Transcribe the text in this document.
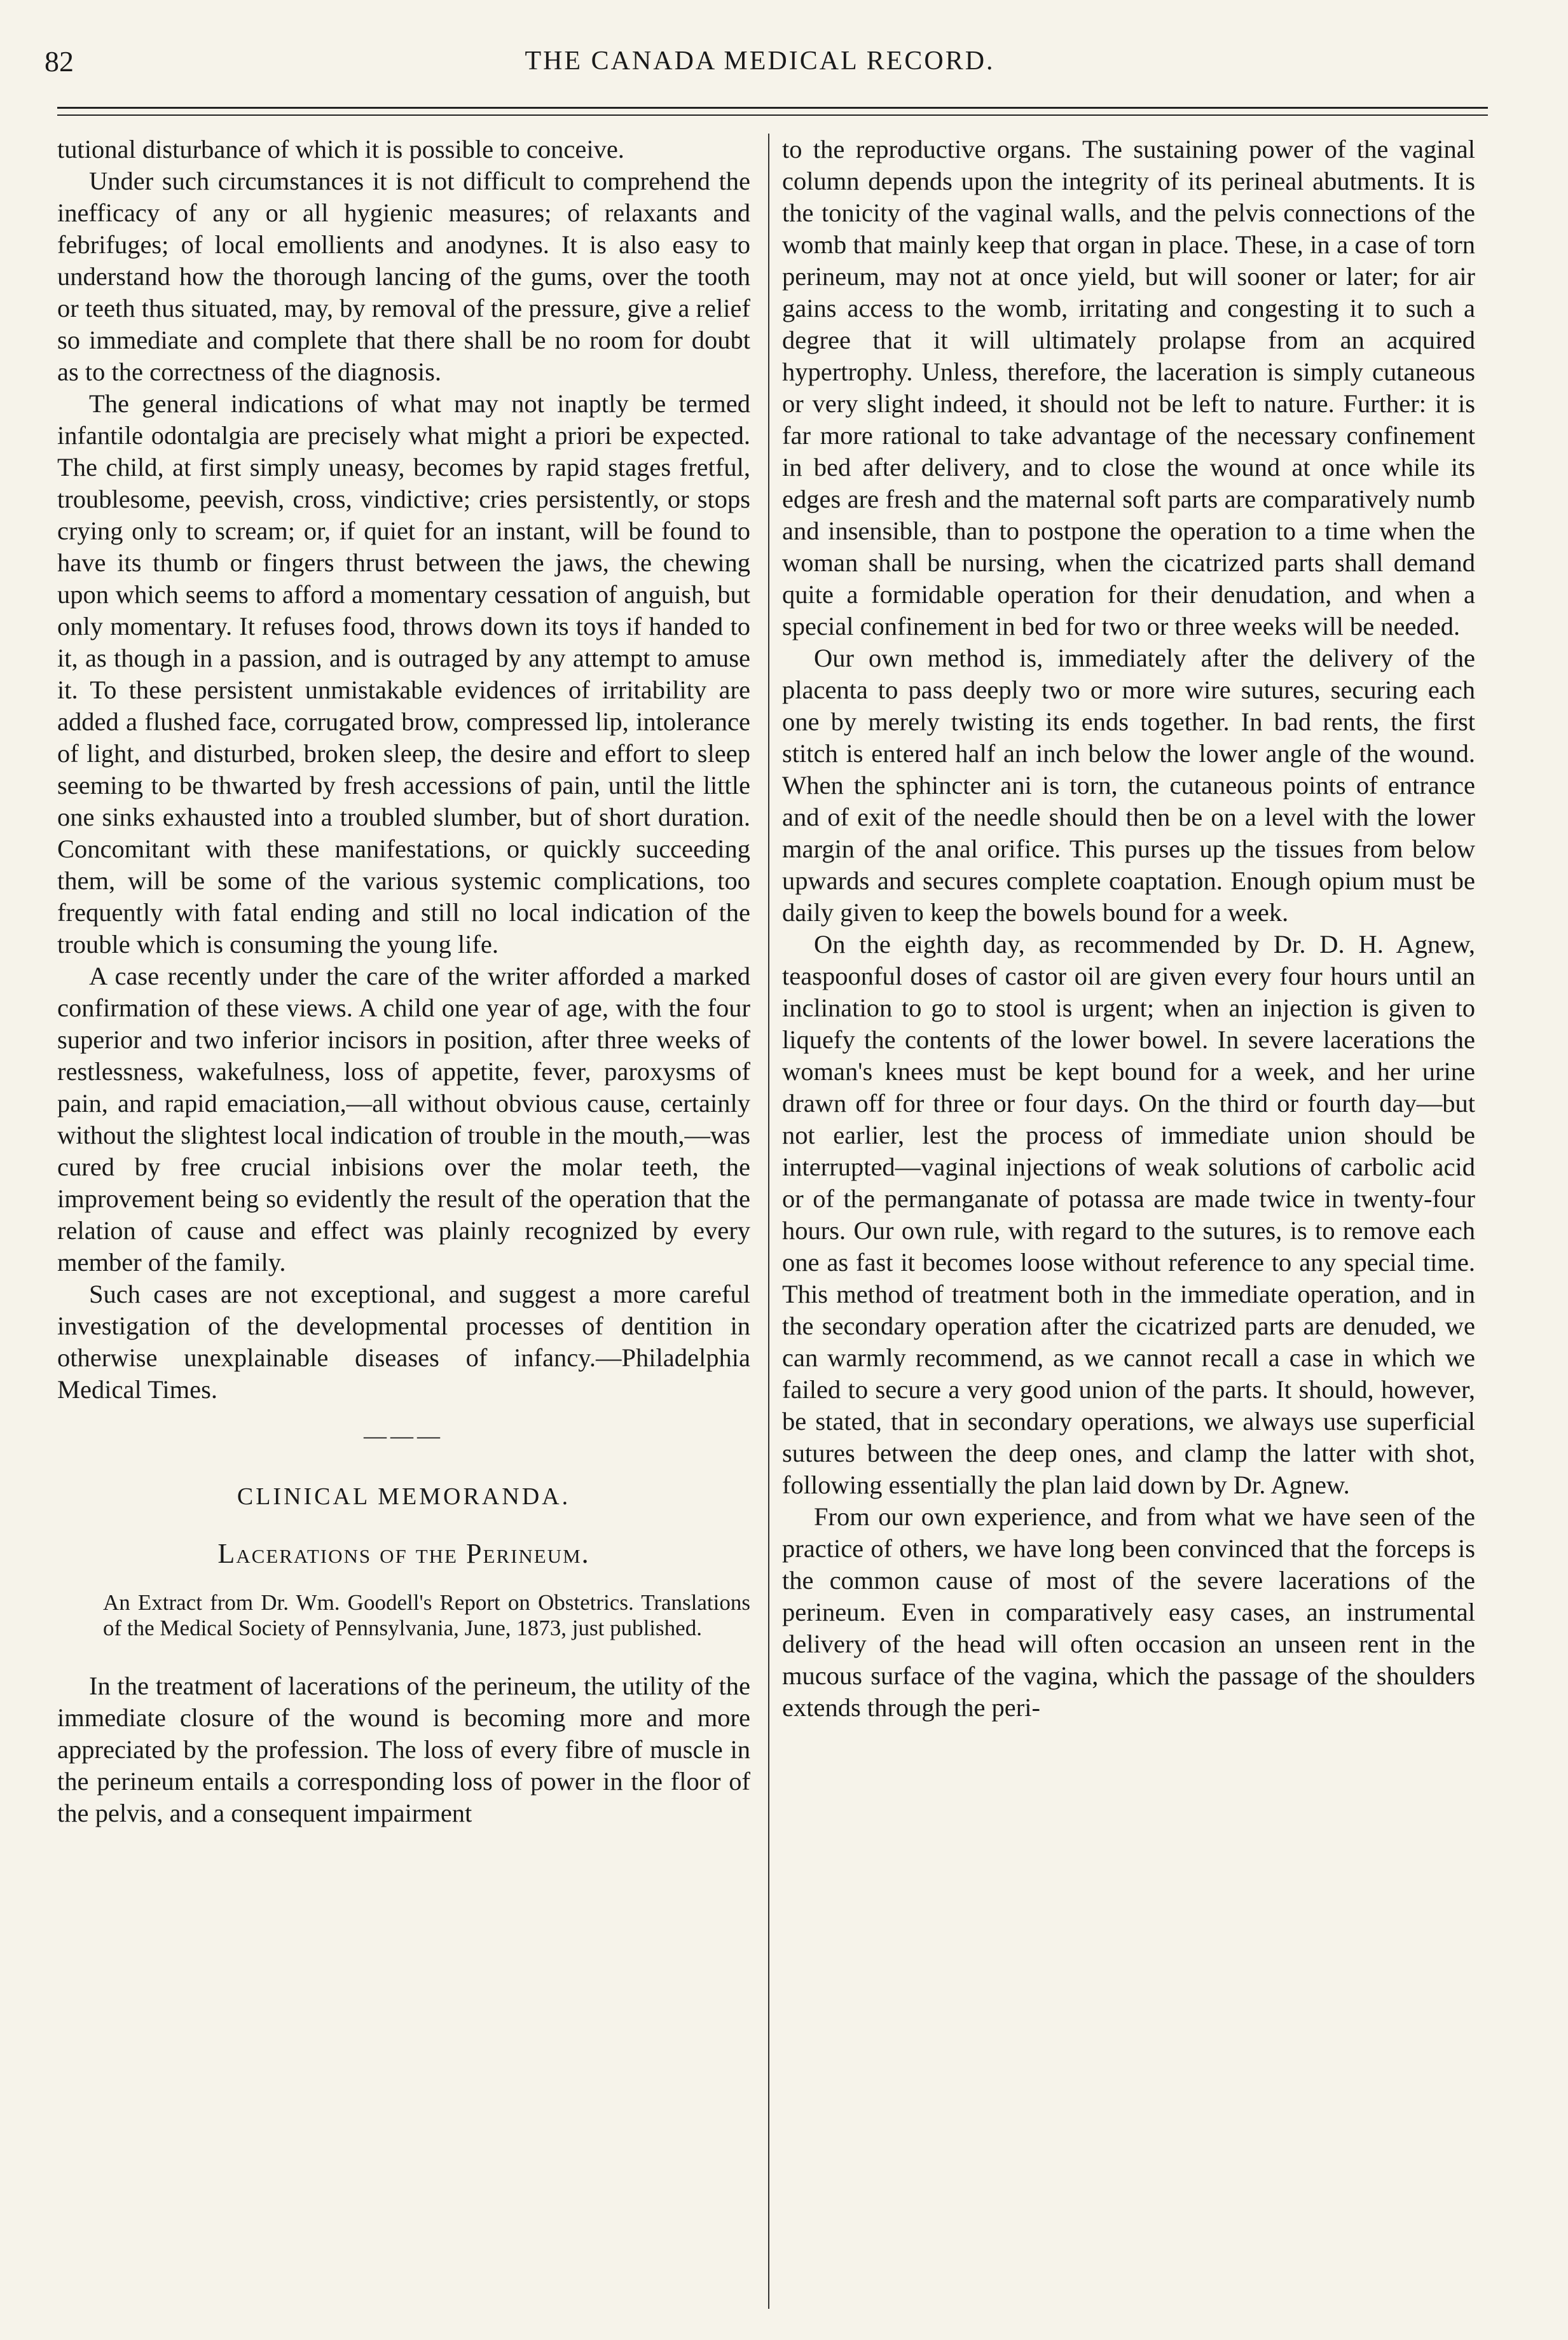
82	THE CANADA MEDICAL RECORD.

tutional disturbance of which it is possible to conceive.

Under such circumstances it is not difficult to comprehend the inefficacy of any or all hygienic measures; of relaxants and febrifuges; of local emollients and anodynes. It is also easy to understand how the thorough lancing of the gums, over the tooth or teeth thus situated, may, by removal of the pressure, give a relief so immediate and complete that there shall be no room for doubt as to the correctness of the diagnosis.

The general indications of what may not inaptly be termed infantile odontalgia are precisely what might a priori be expected. The child, at first simply uneasy, becomes by rapid stages fretful, troublesome, peevish, cross, vindictive; cries persistently, or stops crying only to scream; or, if quiet for an instant, will be found to have its thumb or fingers thrust between the jaws, the chewing upon which seems to afford a momentary cessation of anguish, but only momentary. It refuses food, throws down its toys if handed to it, as though in a passion, and is outraged by any attempt to amuse it. To these persistent unmistakable evidences of irritability are added a flushed face, corrugated brow, compressed lip, intolerance of light, and disturbed, broken sleep, the desire and effort to sleep seeming to be thwarted by fresh accessions of pain, until the little one sinks exhausted into a troubled slumber, but of short duration. Concomitant with these manifestations, or quickly succeeding them, will be some of the various systemic complications, too frequently with fatal ending and still no local indication of the trouble which is consuming the young life.

A case recently under the care of the writer afforded a marked confirmation of these views. A child one year of age, with the four superior and two inferior incisors in position, after three weeks of restlessness, wakefulness, loss of appetite, fever, paroxysms of pain, and rapid emaciation,—all without obvious cause, certainly without the slightest local indication of trouble in the mouth,—was cured by free crucial inbisions over the molar teeth, the improvement being so evidently the result of the operation that the relation of cause and effect was plainly recognized by every member of the family.

Such cases are not exceptional, and suggest a more careful investigation of the developmental processes of dentition in otherwise unexplainable diseases of infancy.—Philadelphia Medical Times.

———

CLINICAL MEMORANDA.

Lacerations of the Perineum.

An Extract from Dr. Wm. Goodell's Report on Obstetrics. Translations of the Medical Society of Pennsylvania, June, 1873, just published.

In the treatment of lacerations of the perineum, the utility of the immediate closure of the wound is becoming more and more appreciated by the profession. The loss of every fibre of muscle in the perineum entails a corresponding loss of power in the floor of the pelvis, and a consequent impairment

to the reproductive organs. The sustaining power of the vaginal column depends upon the integrity of its perineal abutments. It is the tonicity of the vaginal walls, and the pelvis connections of the womb that mainly keep that organ in place. These, in a case of torn perineum, may not at once yield, but will sooner or later; for air gains access to the womb, irritating and congesting it to such a degree that it will ultimately prolapse from an acquired hypertrophy. Unless, therefore, the laceration is simply cutaneous or very slight indeed, it should not be left to nature. Further: it is far more rational to take advantage of the necessary confinement in bed after delivery, and to close the wound at once while its edges are fresh and the maternal soft parts are comparatively numb and insensible, than to postpone the operation to a time when the woman shall be nursing, when the cicatrized parts shall demand quite a formidable operation for their denudation, and when a special confinement in bed for two or three weeks will be needed.

Our own method is, immediately after the delivery of the placenta to pass deeply two or more wire sutures, securing each one by merely twisting its ends together. In bad rents, the first stitch is entered half an inch below the lower angle of the wound. When the sphincter ani is torn, the cutaneous points of entrance and of exit of the needle should then be on a level with the lower margin of the anal orifice. This purses up the tissues from below upwards and secures complete coaptation. Enough opium must be daily given to keep the bowels bound for a week.

On the eighth day, as recommended by Dr. D. H. Agnew, teaspoonful doses of castor oil are given every four hours until an inclination to go to stool is urgent; when an injection is given to liquefy the contents of the lower bowel. In severe lacerations the woman's knees must be kept bound for a week, and her urine drawn off for three or four days. On the third or fourth day—but not earlier, lest the process of immediate union should be interrupted—vaginal injections of weak solutions of carbolic acid or of the permanganate of potassa are made twice in twenty-four hours. Our own rule, with regard to the sutures, is to remove each one as fast it becomes loose without reference to any special time. This method of treatment both in the immediate operation, and in the secondary operation after the cicatrized parts are denuded, we can warmly recommend, as we cannot recall a case in which we failed to secure a very good union of the parts. It should, however, be stated, that in secondary operations, we always use superficial sutures between the deep ones, and clamp the latter with shot, following essentially the plan laid down by Dr. Agnew.

From our own experience, and from what we have seen of the practice of others, we have long been convinced that the forceps is the common cause of most of the severe lacerations of the perineum. Even in comparatively easy cases, an instrumental delivery of the head will often occasion an unseen rent in the mucous surface of the vagina, which the passage of the shoulders extends through the peri-
